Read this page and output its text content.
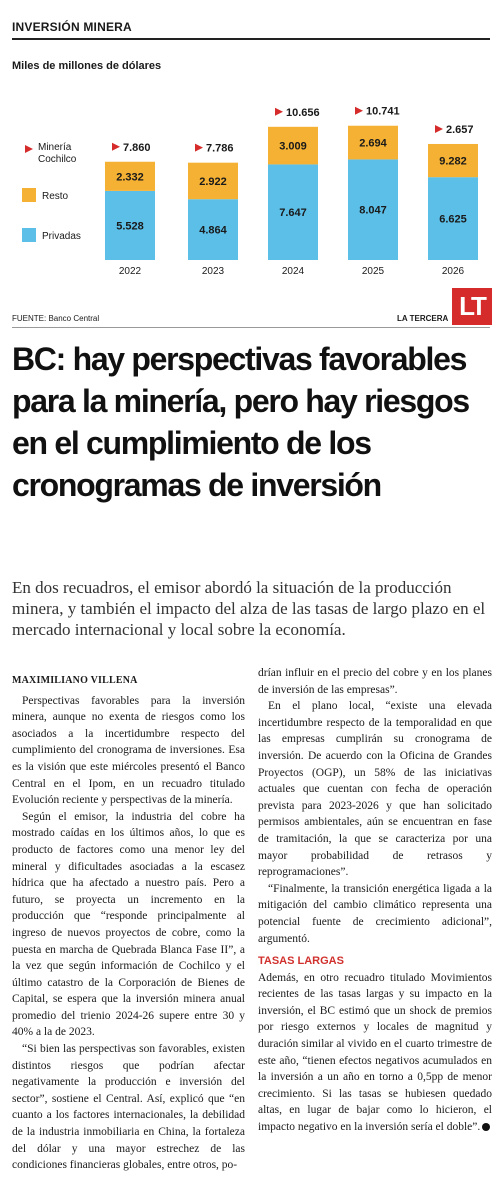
INVERSIÓN MINERA
5.528
2.332
7.860
2022
4.864
2.922
7.786
2023
7.647
3.009
10.656
2024
8.047
2.694
10.741
2025
6.625
9.282
2.657
2026
Minería Cochilco
Resto
Privadas
Miles de millones de dólares
FUENTE: Banco Central	LA TERCERA LT
BC: hay perspectivas favorables para la minería, pero hay riesgos en el cumplimiento de los cronogramas de inversión
En dos recuadros, el emisor abordó la situación de la producción minera, y también el impacto del alza de las tasas de largo plazo en el mercado internacional y local sobre la economía.
MAXIMILIANO VILLENA

Perspectivas favorables para la inversión minera, aunque no exenta de riesgos como los asociados a la incertidumbre respecto del cumplimiento del cronograma de inversiones. Esa es la visión que este miércoles presentó el Banco Central en el Ipom, en un recuadro titulado Evolución reciente y perspectivas de la minería.

Según el emisor, la industria del cobre ha mostrado caídas en los últimos años, lo que es producto de factores como una menor ley del mineral y dificultades asociadas a la escasez hídrica que ha afectado a nuestro país. Pero a futuro, se proyecta un incremento en la producción que “responde principalmente al ingreso de nuevos proyectos de cobre, como la puesta en marcha de Quebrada Blanca Fase II”, a la vez que según información de Cochilco y el último catastro de la Corporación de Bienes de Capital, se espera que la inversión minera anual promedio del trienio 2024-26 supere entre 30 y 40% a la de 2023.

“Si bien las perspectivas son favorables, existen distintos riesgos que podrían afectar negativamente la producción e inversión del sector”, sostiene el Central. Así, explicó que “en cuanto a los factores internacionales, la debilidad de la industria inmobiliaria en China, la fortaleza del dólar y una mayor estrechez de las condiciones financieras globales, entre otros, po-

drían influir en el precio del cobre y en los planes de inversión de las empresas”.

En el plano local, “existe una elevada incertidumbre respecto de la temporalidad en que las empresas cumplirán su cronograma de inversión. De acuerdo con la Oficina de Grandes Proyectos (OGP), un 58% de las iniciativas actuales que cuentan con fecha de operación prevista para 2023-2026 y que han solicitado permisos ambientales, aún se encuentran en fase de tramitación, la que se caracteriza por una mayor probabilidad de retrasos y reprogramaciones”.

“Finalmente, la transición energética ligada a la mitigación del cambio climático representa una potencial fuente de crecimiento adicional”, argumentó.

TASAS LARGAS

Además, en otro recuadro titulado Movimientos recientes de las tasas largas y su impacto en la inversión, el BC estimó que un shock de premios por riesgo externos y locales de magnitud y duración similar al vivido en el cuarto trimestre de este año, “tienen efectos negativos acumulados en la inversión a un año en torno a 0,5pp de menor crecimiento. Si las tasas se hubiesen quedado altas, en lugar de bajar como lo hicieron, el impacto negativo en la inversión sería el doble”.
